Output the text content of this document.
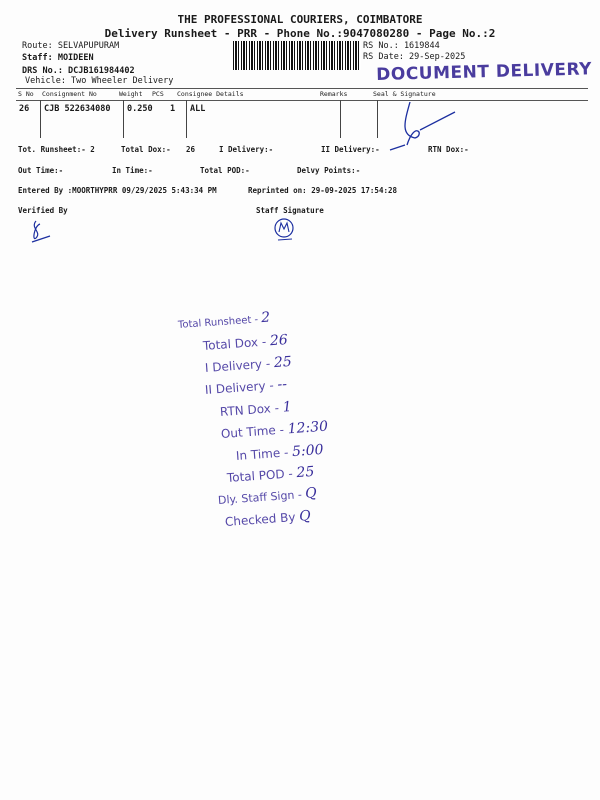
THE PROFESSIONAL COURIERS, COIMBATORE
Delivery Runsheet - PRR - Phone No.:9047080280 - Page No.:2
Route: SELVAPUPURAM
Staff: MOIDEEN
DRS No.: DCJB161984402
Vehicle: Two Wheeler Delivery
RS No.: 1619844
RS Date: 29-Sep-2025
DOCUMENT DELIVERY
S No Consignment No	Weight PCS Consignee Details	Remarks	Seal & Signature
26 CJB 522634080 0.250 1 ALL
Tot. Runsheet:- 2	Total Dox:- 26	I Delivery:-	II Delivery:-	RTN Dox:-
Out Time:-	In Time:-	Total POD:-	Delvy Points:-
Entered By :MOORTHYPRR 09/29/2025 5:43:34 PM	Reprinted on: 29-09-2025 17:54:28
Verified By	Staff Signature
Total Runsheet - 2
Total Dox - 26
I Delivery - 25
II Delivery - --
RTN Dox - 1
Out Time - 12:30
In Time - 5:00
Total POD - 25
Dly. Staff Sign - Q
Checked By Q
